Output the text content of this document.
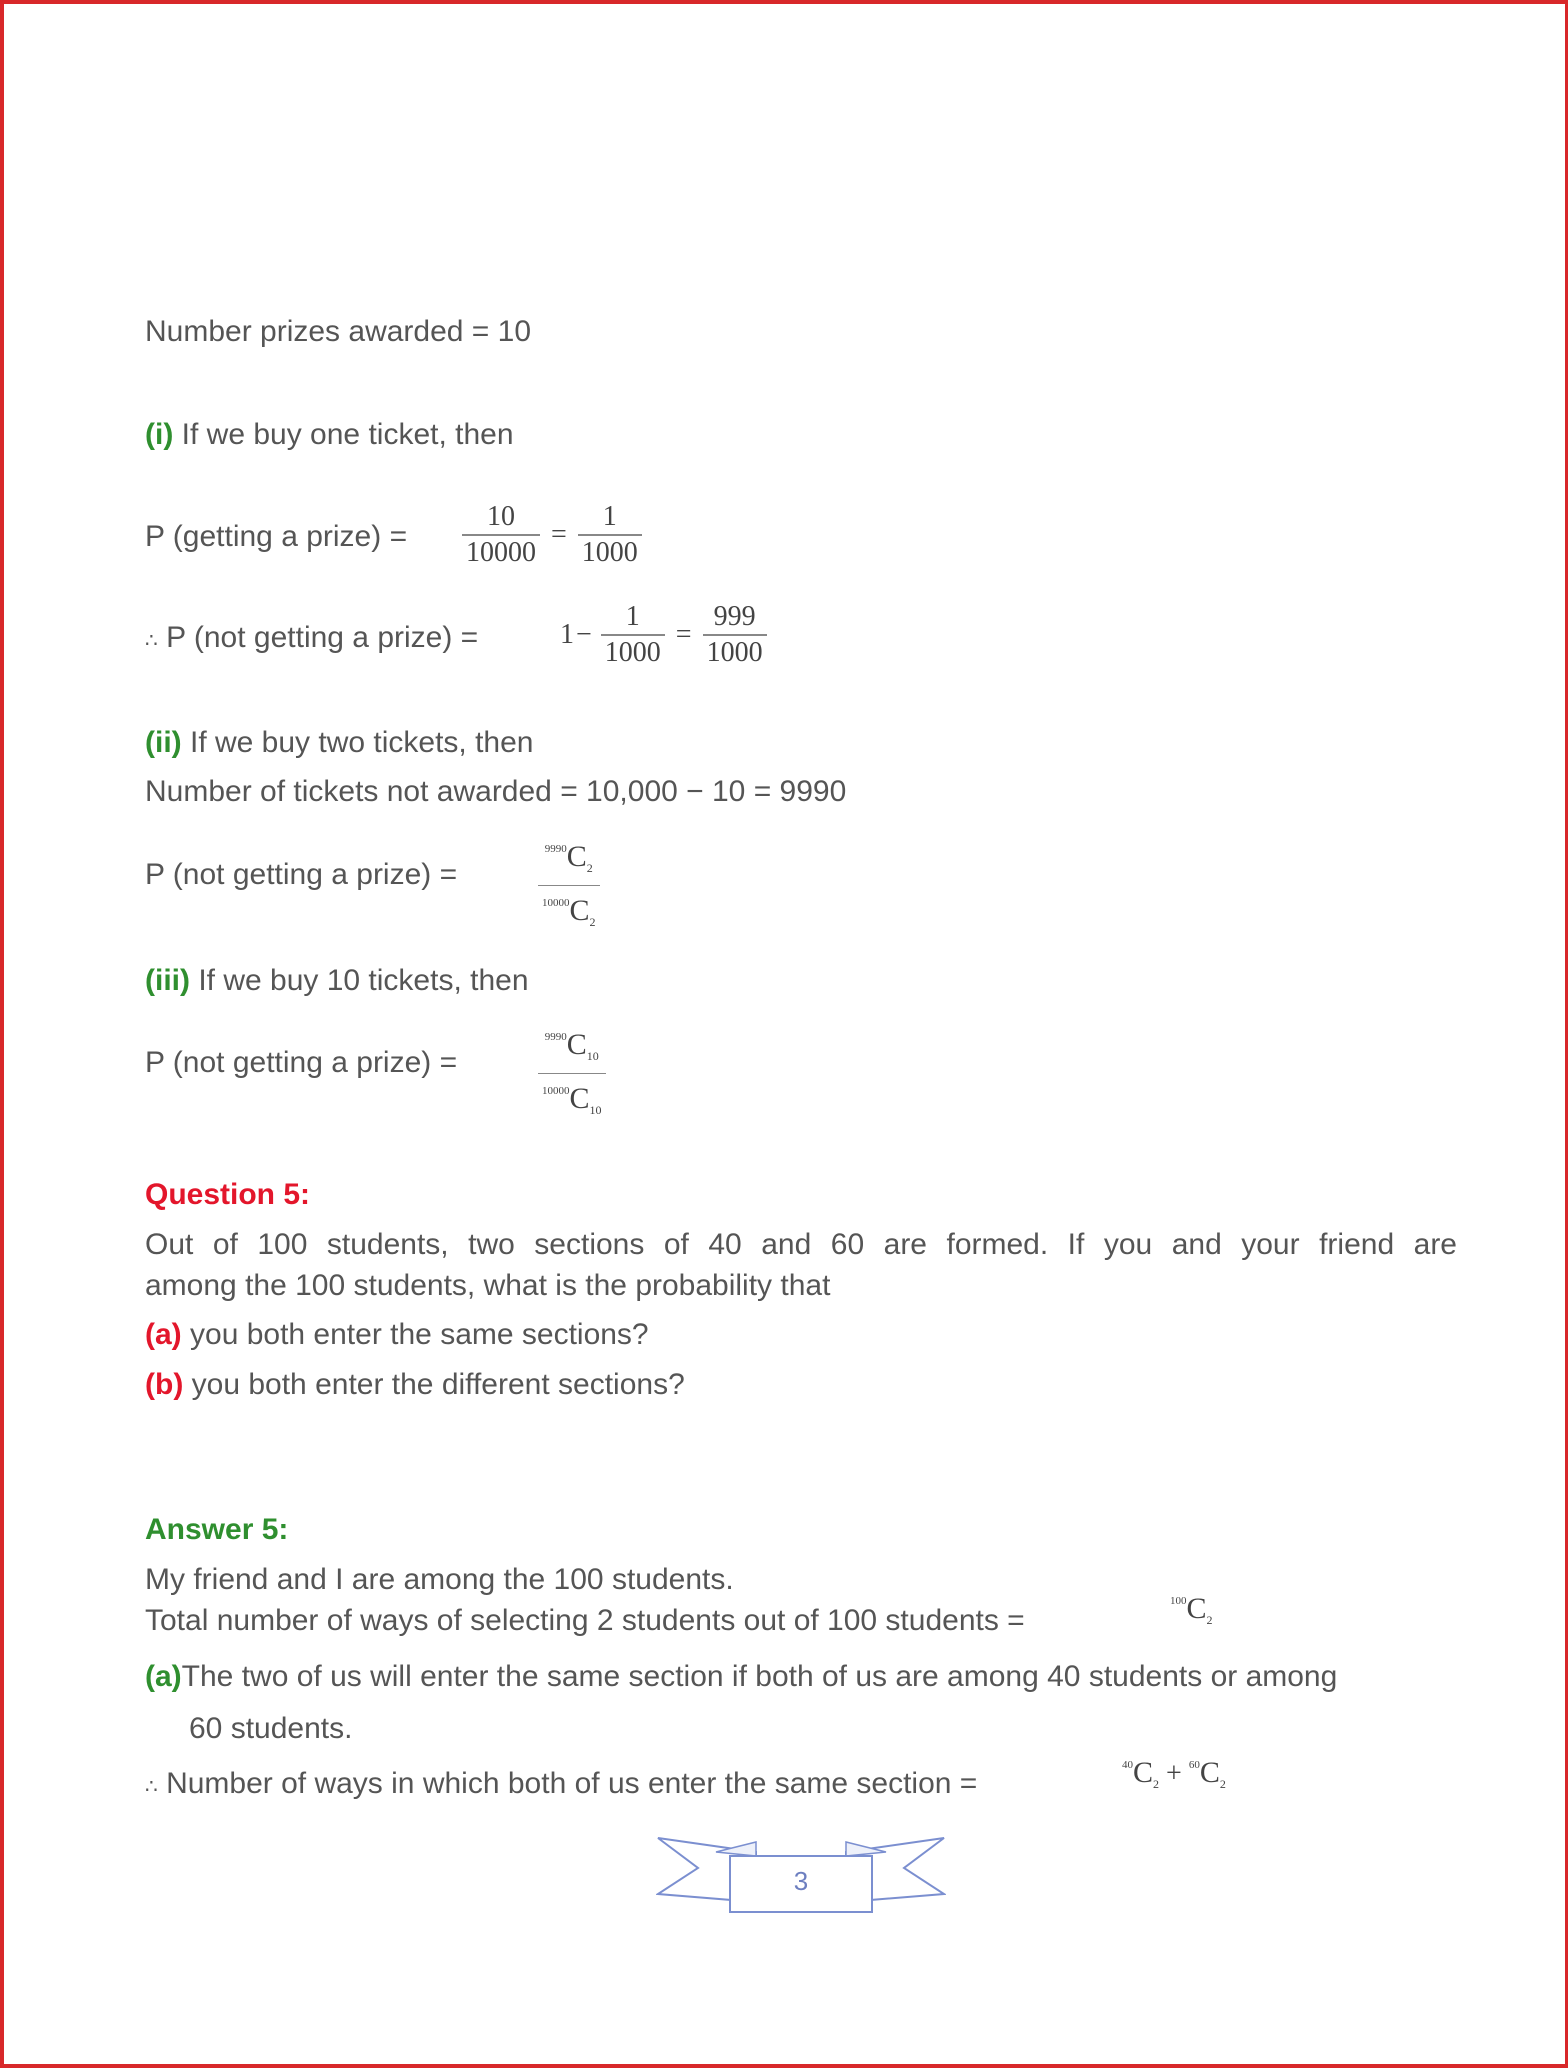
Number prizes awarded = 10
(i) If we buy one ticket, then
P (getting a prize) = $\frac{10}{10000} = \frac{1}{1000}$
∴ P (not getting a prize) =	$1- \frac{1}{1000} = \frac{999}{1000}$
(ii) If we buy two tickets, then
Number of tickets not awarded = 10,000 − 10 = 9990
P (not getting a prize) =	$\frac{^{9990}C_2}{^{10000}C_2}$
(iii) If we buy 10 tickets, then
P (not getting a prize) =	$\frac{^{9990}C_{10}}{^{10000}C_{10}}$
Question 5:
Out of 100 students, two sections of 40 and 60 are formed. If you and your friend are
among the 100 students, what is the probability that
(a) you both enter the same sections?
(b) you both enter the different sections?
Answer 5:
My friend and I are among the 100 students.
Total number of ways of selecting 2 students out of 100 students =
$^{100}C_2$
(a)The two of us will enter the same section if both of us are among 40 students or among
60 students.
∴ Number of ways in which both of us enter the same section =
$^{40}C_2 + ^{60}C_2$
3
